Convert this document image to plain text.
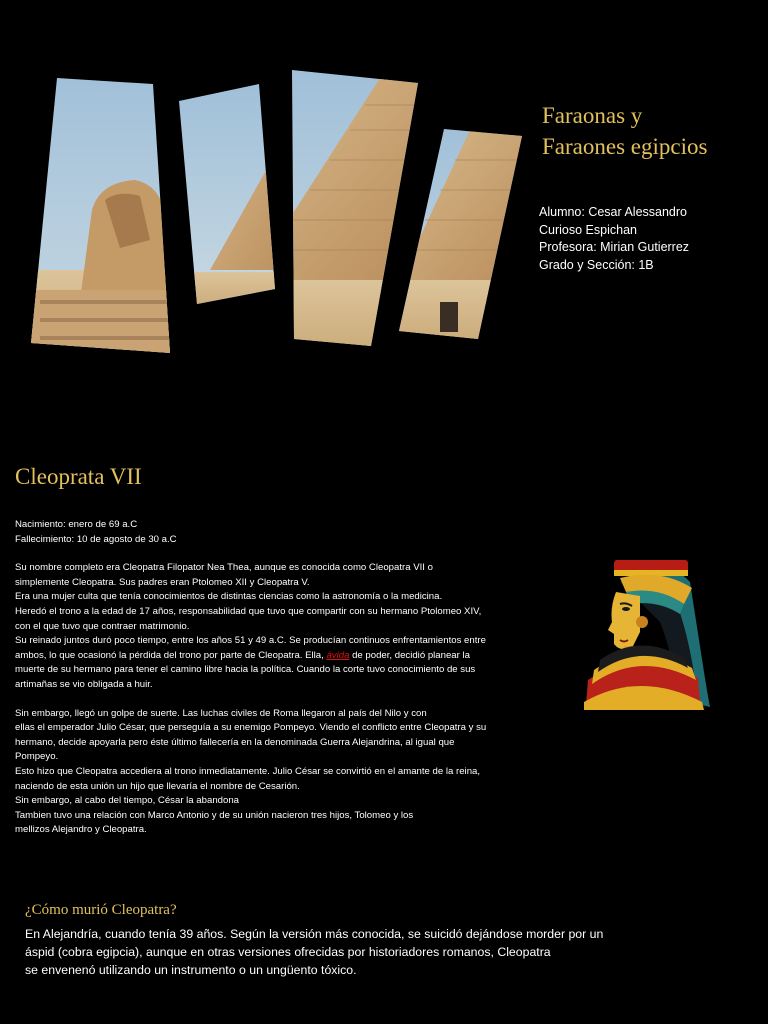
Faraonas y
Faraones egipcios
Alumno: Cesar Alessandro
Curioso Espichan
Profesora: Mirian Gutierrez
Grado y Sección: 1B
Cleoprata VII

Nacimiento: enero de 69 a.C

Fallecimiento: 10 de agosto de 30 a.C

Su nombre completo era Cleopatra Filopator Nea Thea, aunque es conocida como Cleopatra VII o

simplemente Cleopatra. Sus padres eran Ptolomeo XII y Cleopatra V.

Era una mujer culta que tenía conocimientos de distintas ciencias como la astronomía o la medicina.

Heredó el trono a la edad de 17 años, responsabilidad que tuvo que compartir con su hermano Ptolomeo XIV,

con el que tuvo que contraer matrimonio.

Su reinado juntos duró poco tiempo, entre los años 51 y 49 a.C. Se producían continuos enfrentamientos entre

ambos, lo que ocasionó la pérdida del trono por parte de Cleopatra. Ella, ávida de poder, decidió planear la

muerte de su hermano para tener el camino libre hacia la política. Cuando la corte tuvo conocimiento de sus

artimañas se vio obligada a huir.

Sin embargo, llegó un golpe de suerte. Las luchas civiles de Roma llegaron al país del Nilo y con

ellas el emperador Julio César, que perseguía a su enemigo Pompeyo. Viendo el conflicto entre Cleopatra y su

hermano, decide apoyarla pero éste último fallecería en la denominada Guerra Alejandrina, al igual que

Pompeyo.

Esto hizo que Cleopatra accediera al trono inmediatamente. Julio César se convirtió en el amante de la reina,

naciendo de esta unión un hijo que llevaría el nombre de Cesarión.

Sin embargo, al cabo del tiempo, César la abandona

Tambien tuvo una relación con Marco Antonio y de su unión nacieron tres hijos, Tolomeo y los

mellizos Alejandro y Cleopatra.

¿Cómo murió Cleopatra?

En Alejandría, cuando tenía 39 años. Según la versión más conocida, se suicidó dejándose morder por un

áspid (cobra egipcia), aunque en otras versiones ofrecidas por historiadores romanos, Cleopatra

se envenenó utilizando un instrumento o un ungüento tóxico.
